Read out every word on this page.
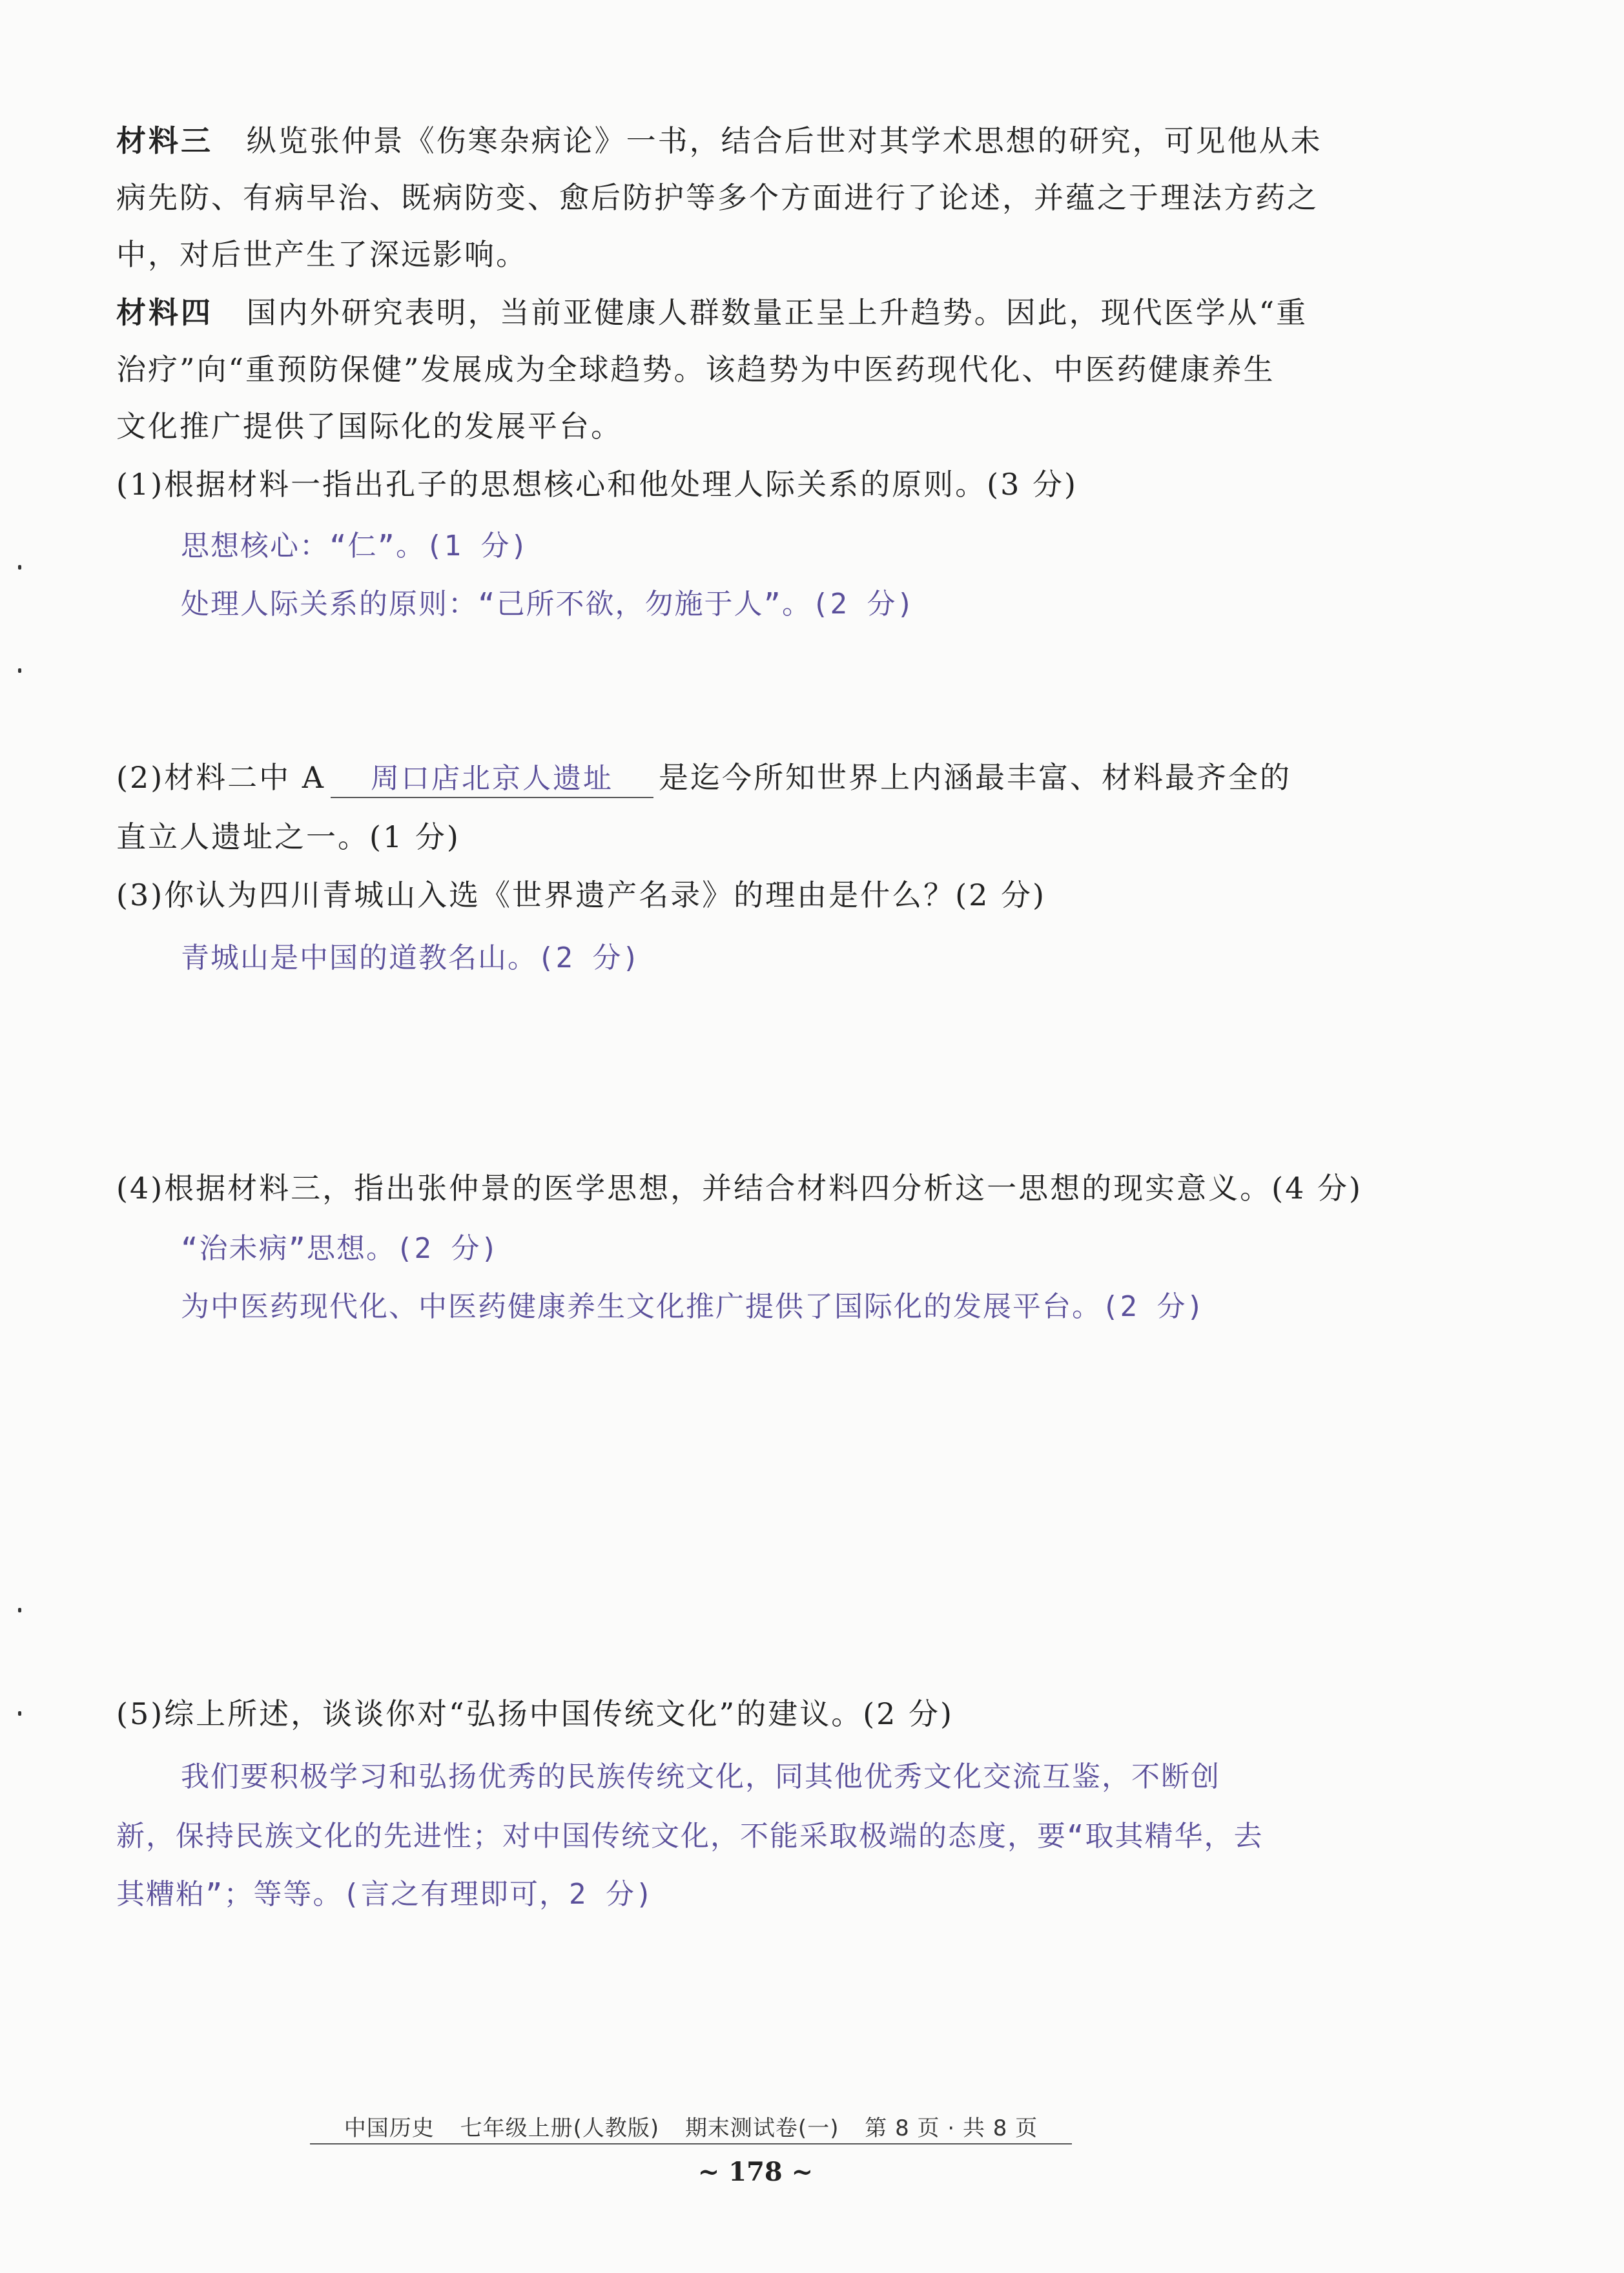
材料三 纵览张仲景《伤寒杂病论》一书，结合后世对其学术思想的研究，可见他从未
病先防、有病早治、既病防变、愈后防护等多个方面进行了论述，并蕴之于理法方药之
中，对后世产生了深远影响。
材料四 国内外研究表明，当前亚健康人群数量正呈上升趋势。因此，现代医学从“重
治疗”向“重预防保健”发展成为全球趋势。该趋势为中医药现代化、中医药健康养生
文化推广提供了国际化的发展平台。
(1)根据材料一指出孔子的思想核心和他处理人际关系的原则。(3 分)
思想核心：“仁”。(1 分)
处理人际关系的原则：“己所不欲，勿施于人”。(2 分)
(2)材料二中 A 周口店北京人遗址 是迄今所知世界上内涵最丰富、材料最齐全的
直立人遗址之一。(1 分)
(3)你认为四川青城山入选《世界遗产名录》的理由是什么？(2 分)
青城山是中国的道教名山。(2 分)
(4)根据材料三，指出张仲景的医学思想，并结合材料四分析这一思想的现实意义。(4 分)
“治未病”思想。(2 分)
为中医药现代化、中医药健康养生文化推广提供了国际化的发展平台。(2 分)
(5)综上所述，谈谈你对“弘扬中国传统文化”的建议。(2 分)
我们要积极学习和弘扬优秀的民族传统文化，同其他优秀文化交流互鉴，不断创
新，保持民族文化的先进性；对中国传统文化，不能采取极端的态度，要“取其精华，去
其糟粕”；等等。(言之有理即可，2 分)
中国历史 七年级上册(人教版) 期末测试卷(一) 第 8 页 · 共 8 页
~ 178 ~
